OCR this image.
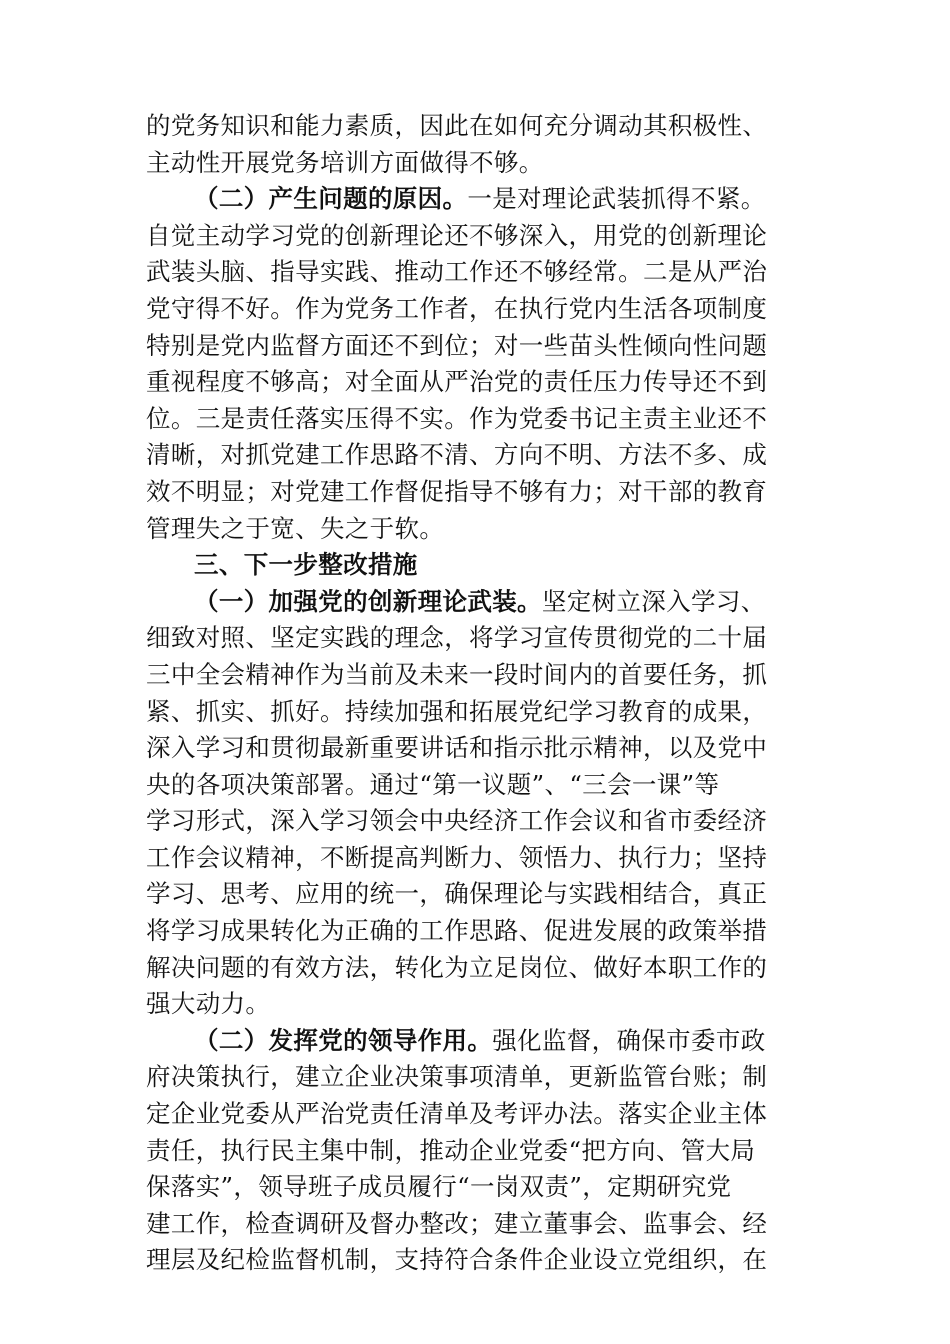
的党务知识和能力素质，因此在如何充分调动其积极性、
主动性开展党务培训方面做得不够。
（二）产生问题的原因。一是对理论武装抓得不紧。
自觉主动学习党的创新理论还不够深入，用党的创新理论
武装头脑、指导实践、推动工作还不够经常。二是从严治
党守得不好。作为党务工作者，在执行党内生活各项制度
特别是党内监督方面还不到位；对一些苗头性倾向性问题
重视程度不够高；对全面从严治党的责任压力传导还不到
位。三是责任落实压得不实。作为党委书记主责主业还不
清晰，对抓党建工作思路不清、方向不明、方法不多、成
效不明显；对党建工作督促指导不够有力；对干部的教育
管理失之于宽、失之于软。
三、下一步整改措施
（一）加强党的创新理论武装。坚定树立深入学习、
细致对照、坚定实践的理念，将学习宣传贯彻党的二十届
三中全会精神作为当前及未来一段时间内的首要任务，抓
紧、抓实、抓好。持续加强和拓展党纪学习教育的成果，
深入学习和贯彻最新重要讲话和指示批示精神，以及党中
央的各项决策部署。通过“第一议题”、“三会一课”等
学习形式，深入学习领会中央经济工作会议和省市委经济
工作会议精神，不断提高判断力、领悟力、执行力；坚持
学习、思考、应用的统一，确保理论与实践相结合，真正
将学习成果转化为正确的工作思路、促进发展的政策举措
解决问题的有效方法，转化为立足岗位、做好本职工作的
强大动力。
（二）发挥党的领导作用。强化监督，确保市委市政
府决策执行，建立企业决策事项清单，更新监管台账；制
定企业党委从严治党责任清单及考评办法。落实企业主体
责任，执行民主集中制，推动企业党委“把方向、管大局
保落实”，领导班子成员履行“一岗双责”，定期研究党
建工作，检查调研及督办整改；建立董事会、监事会、经
理层及纪检监督机制，支持符合条件企业设立党组织，在
